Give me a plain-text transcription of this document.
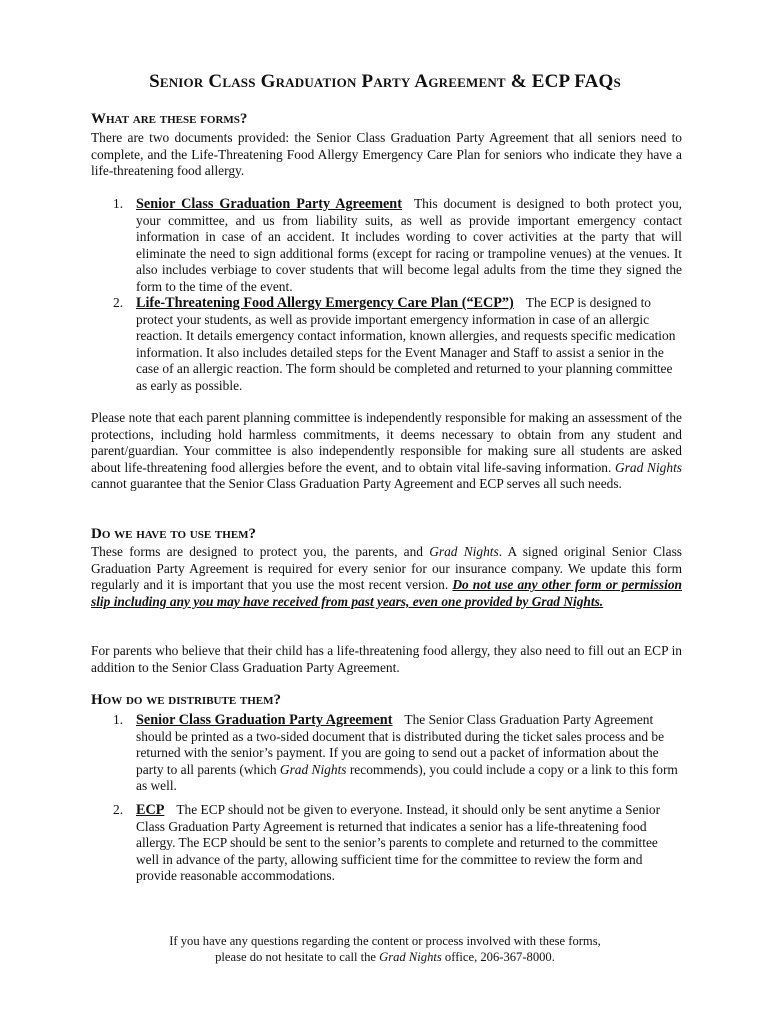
Senior Class Graduation Party Agreement & ECP FAQs
What are these forms?

There are two documents provided: the Senior Class Graduation Party Agreement that all seniors need to complete, and the Life-Threatening Food Allergy Emergency Care Plan for seniors who indicate they have a life-threatening food allergy.

1. Senior Class Graduation Party Agreement This document is designed to both protect you, your committee, and us from liability suits, as well as provide important emergency contact information in case of an accident. It includes wording to cover activities at the party that will eliminate the need to sign additional forms (except for racing or trampoline venues) at the venues. It also includes verbiage to cover students that will become legal adults from the time they signed the form to the time of the event.
2. Life-Threatening Food Allergy Emergency Care Plan (“ECP”) The ECP is designed to protect your students, as well as provide important emergency information in case of an allergic reaction. It details emergency contact information, known allergies, and requests specific medication information. It also includes detailed steps for the Event Manager and Staff to assist a senior in the case of an allergic reaction. The form should be completed and returned to your planning committee as early as possible.

Please note that each parent planning committee is independently responsible for making an assessment of the protections, including hold harmless commitments, it deems necessary to obtain from any student and parent/guardian. Your committee is also independently responsible for making sure all students are asked about life-threatening food allergies before the event, and to obtain vital life-saving information. Grad Nights cannot guarantee that the Senior Class Graduation Party Agreement and ECP serves all such needs.

Do we have to use them?

These forms are designed to protect you, the parents, and Grad Nights. A signed original Senior Class Graduation Party Agreement is required for every senior for our insurance company. We update this form regularly and it is important that you use the most recent version. Do not use any other form or permission slip including any you may have received from past years, even one provided by Grad Nights.

For parents who believe that their child has a life-threatening food allergy, they also need to fill out an ECP in addition to the Senior Class Graduation Party Agreement.

How do we distribute them?
1. Senior Class Graduation Party Agreement The Senior Class Graduation Party Agreement should be printed as a two-sided document that is distributed during the ticket sales process and be returned with the senior’s payment. If you are going to send out a packet of information about the party to all parents (which Grad Nights recommends), you could include a copy or a link to this form as well.
2. ECP The ECP should not be given to everyone. Instead, it should only be sent anytime a Senior Class Graduation Party Agreement is returned that indicates a senior has a life-threatening food allergy. The ECP should be sent to the senior’s parents to complete and returned to the committee well in advance of the party, allowing sufficient time for the committee to review the form and provide reasonable accommodations.
If you have any questions regarding the content or process involved with these forms,
please do not hesitate to call the Grad Nights office, 206-367-8000.
